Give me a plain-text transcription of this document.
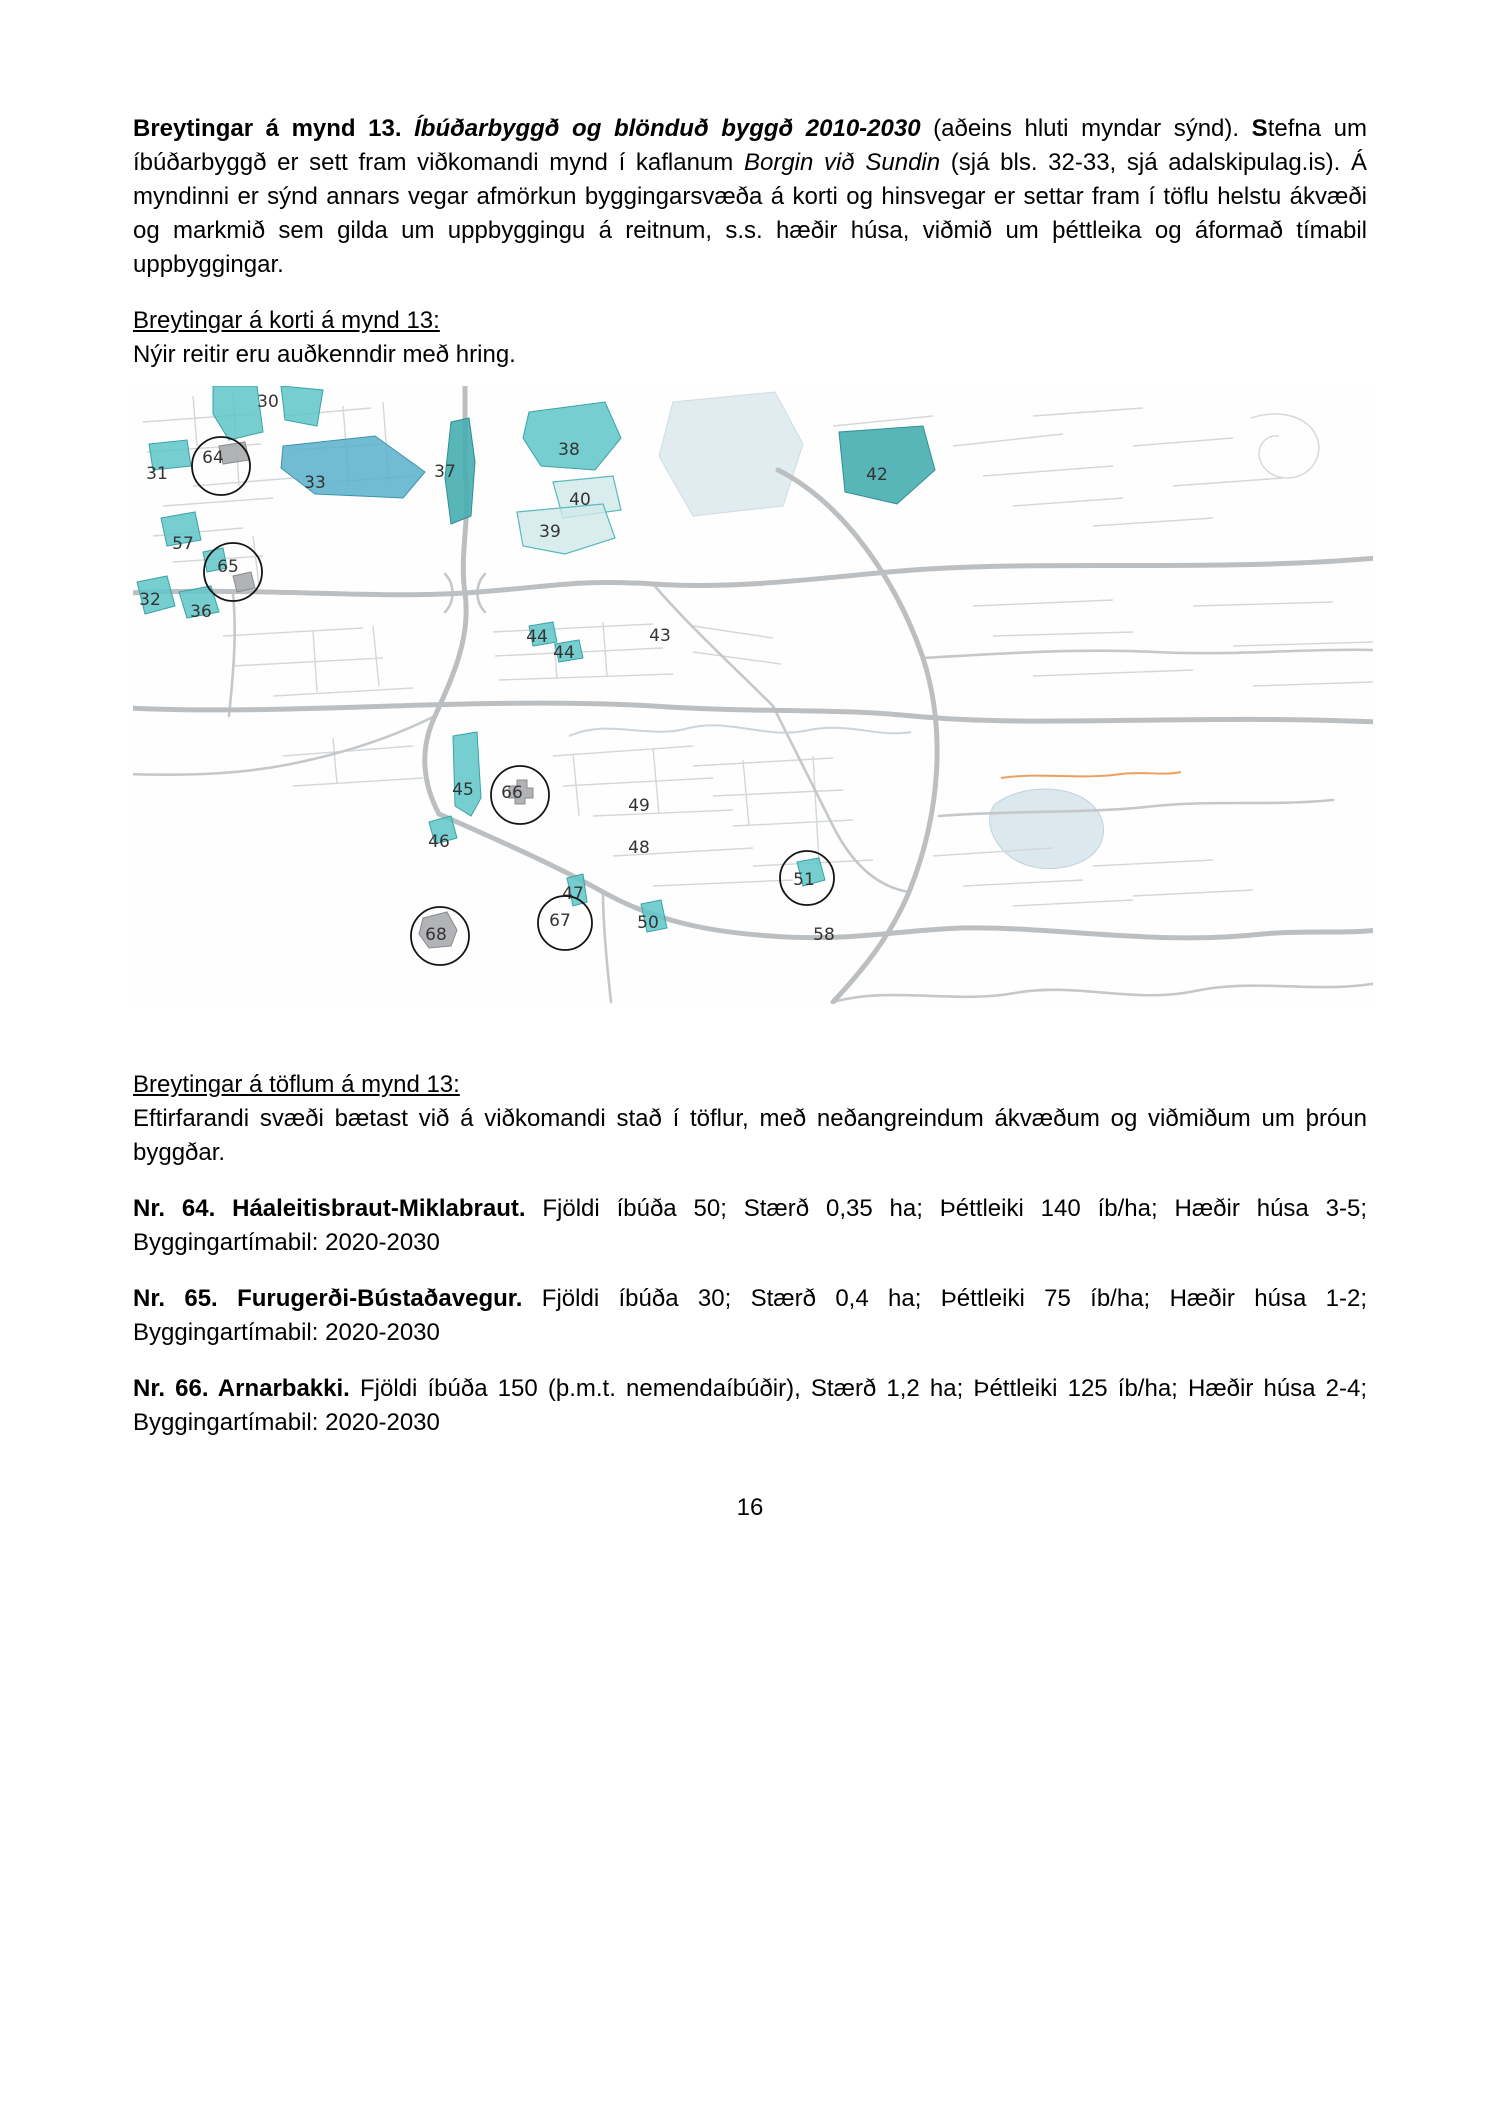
Breytingar á mynd 13. Íbúðarbyggð og blönduð byggð 2010-2030 (aðeins hluti myndar sýnd). Stefna um íbúðarbyggð er sett fram viðkomandi mynd í kaflanum Borgin við Sundin (sjá bls. 32-33, sjá adalskipulag.is). Á myndinni er sýnd annars vegar afmörkun byggingarsvæða á korti og hinsvegar er settar fram í töflu helstu ákvæði og markmið sem gilda um uppbyggingu á reitnum, s.s. hæðir húsa, viðmið um þéttleika og áformað tímabil uppbyggingar.

Breytingar á korti á mynd 13:

Nýir reitir eru auðkenndir með hring.

30
64
31	33
37
38
40
39
42
57
65
32
36
44
44
43
45 66
49
46	48
51
47
67	50
68	58

Breytingar á töflum á mynd 13:

Eftirfarandi svæði bætast við á viðkomandi stað í töflur, með neðangreindum ákvæðum og viðmiðum um þróun byggðar.

Nr. 64. Háaleitisbraut-Miklabraut. Fjöldi íbúða 50; Stærð 0,35 ha; Þéttleiki 140 íb/ha; Hæðir húsa 3-5; Byggingartímabil: 2020-2030

Nr. 65. Furugerði-Bústaðavegur. Fjöldi íbúða 30; Stærð 0,4 ha; Þéttleiki 75 íb/ha; Hæðir húsa 1-2; Byggingartímabil: 2020-2030

Nr. 66. Arnarbakki. Fjöldi íbúða 150 (þ.m.t. nemendaíbúðir), Stærð 1,2 ha; Þéttleiki 125 íb/ha; Hæðir húsa 2-4; Byggingartímabil: 2020-2030

16
